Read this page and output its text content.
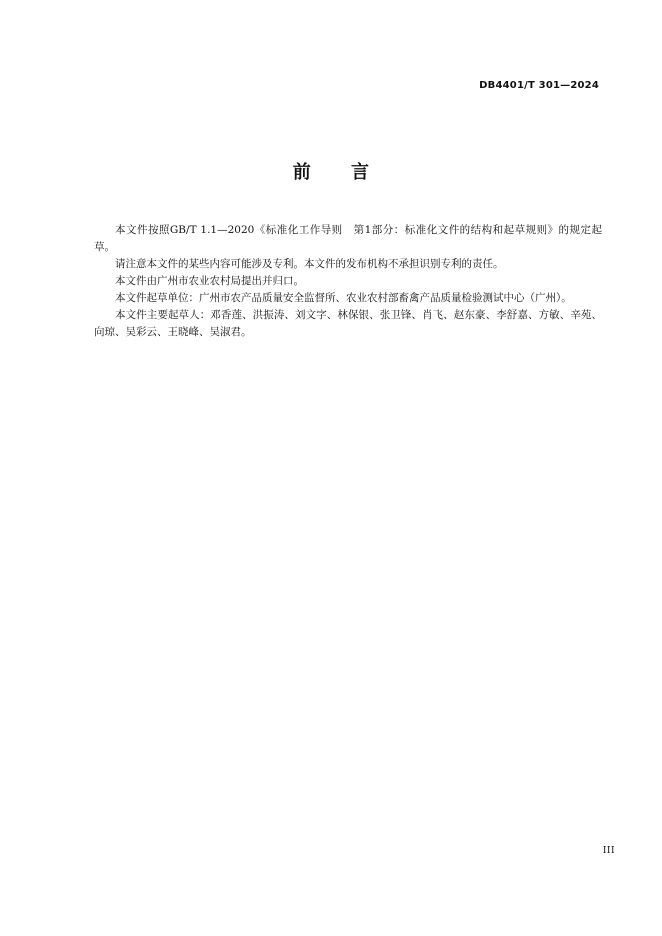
DB4401/T 301—2024
前 言

本文件按照GB/T 1.1—2020《标准化工作导则　第1部分：标准化文件的结构和起草规则》的规定起草。

请注意本文件的某些内容可能涉及专利。本文件的发布机构不承担识别专利的责任。

本文件由广州市农业农村局提出并归口。

本文件起草单位：广州市农产品质量安全监督所、农业农村部畜禽产品质量检验测试中心（广州）。

本文件主要起草人：邓香莲、洪振涛、刘文字、林保银、张卫锋、肖飞、赵东豪、李舒嘉、方敏、辛苑、向琼、吴彩云、王晓峰、吴淑君。

III
